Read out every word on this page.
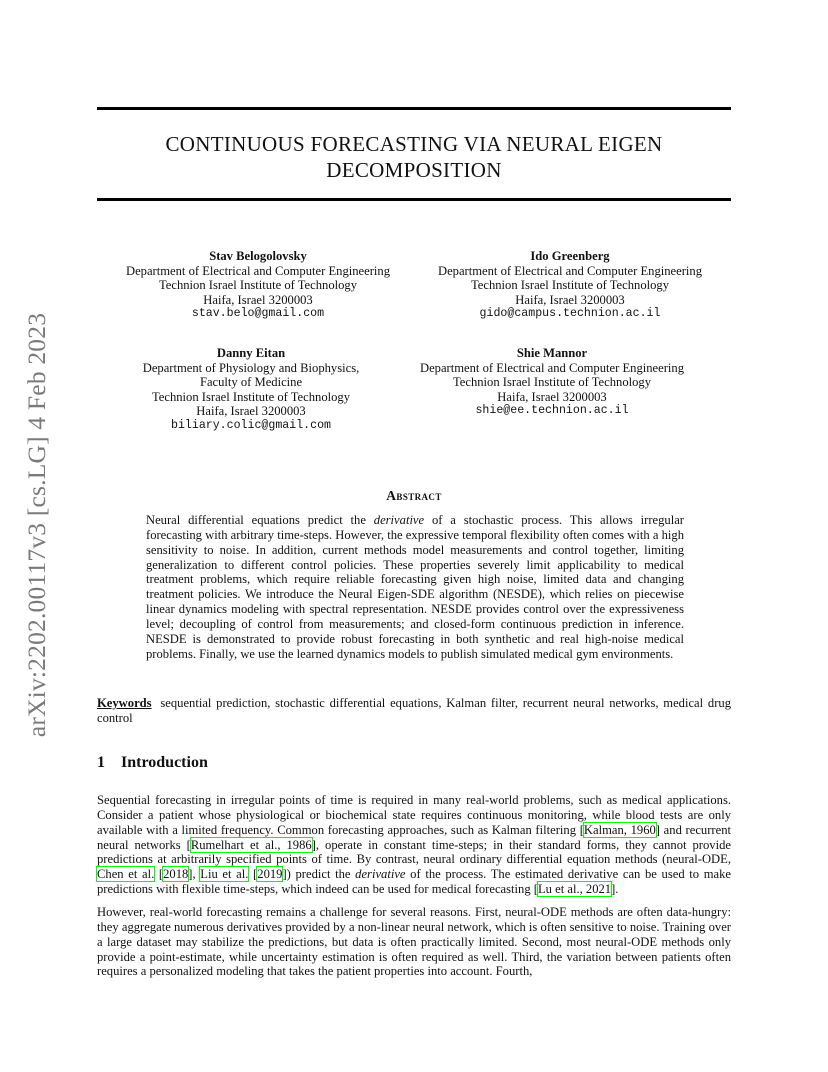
arXiv:2202.00117v3 [cs.LG] 4 Feb 2023
CONTINUOUS FORECASTING VIA NEURAL EIGEN
DECOMPOSITION
Stav Belogolovsky
Department of Electrical and Computer Engineering
Technion Israel Institute of Technology
Haifa, Israel 3200003
stav.belo@gmail.com
Ido Greenberg
Department of Electrical and Computer Engineering
Technion Israel Institute of Technology
Haifa, Israel 3200003
gido@campus.technion.ac.il
Danny Eitan
Department of Physiology and Biophysics,
Faculty of Medicine
Technion Israel Institute of Technology
Haifa, Israel 3200003
biliary.colic@gmail.com
Shie Mannor
Department of Electrical and Computer Engineering
Technion Israel Institute of Technology
Haifa, Israel 3200003
shie@ee.technion.ac.il
Abstract
Neural differential equations predict the derivative of a stochastic process. This allows irregular forecasting with arbitrary time-steps. However, the expressive temporal flexibility often comes with a high sensitivity to noise. In addition, current methods model measurements and control together, limiting generalization to different control policies. These properties severely limit applicability to medical treatment problems, which require reliable forecasting given high noise, limited data and changing treatment policies. We introduce the Neural Eigen-SDE algorithm (NESDE), which relies on piecewise linear dynamics modeling with spectral representation. NESDE provides control over the expressiveness level; decoupling of control from measurements; and closed-form continuous prediction in inference. NESDE is demonstrated to provide robust forecasting in both synthetic and real high-noise medical problems. Finally, we use the learned dynamics models to publish simulated medical gym environments.
Keywords sequential prediction, stochastic differential equations, Kalman filter, recurrent neural networks, medical drug control
1 Introduction
Sequential forecasting in irregular points of time is required in many real-world problems, such as medical applications. Consider a patient whose physiological or biochemical state requires continuous monitoring, while blood tests are only available with a limited frequency. Common forecasting approaches, such as Kalman filtering [Kalman, 1960] and recurrent neural networks [Rumelhart et al., 1986], operate in constant time-steps; in their standard forms, they cannot provide predictions at arbitrarily specified points of time. By contrast, neural ordinary differential equation methods (neural-ODE, Chen et al. [2018], Liu et al. [2019]) predict the derivative of the process. The estimated derivative can be used to make predictions with flexible time-steps, which indeed can be used for medical forecasting [Lu et al., 2021].
However, real-world forecasting remains a challenge for several reasons. First, neural-ODE methods are often data-hungry: they aggregate numerous derivatives provided by a non-linear neural network, which is often sensitive to noise. Training over a large dataset may stabilize the predictions, but data is often practically limited. Second, most neural-ODE methods only provide a point-estimate, while uncertainty estimation is often required as well. Third, the variation between patients often requires a personalized modeling that takes the patient properties into account. Fourth,
